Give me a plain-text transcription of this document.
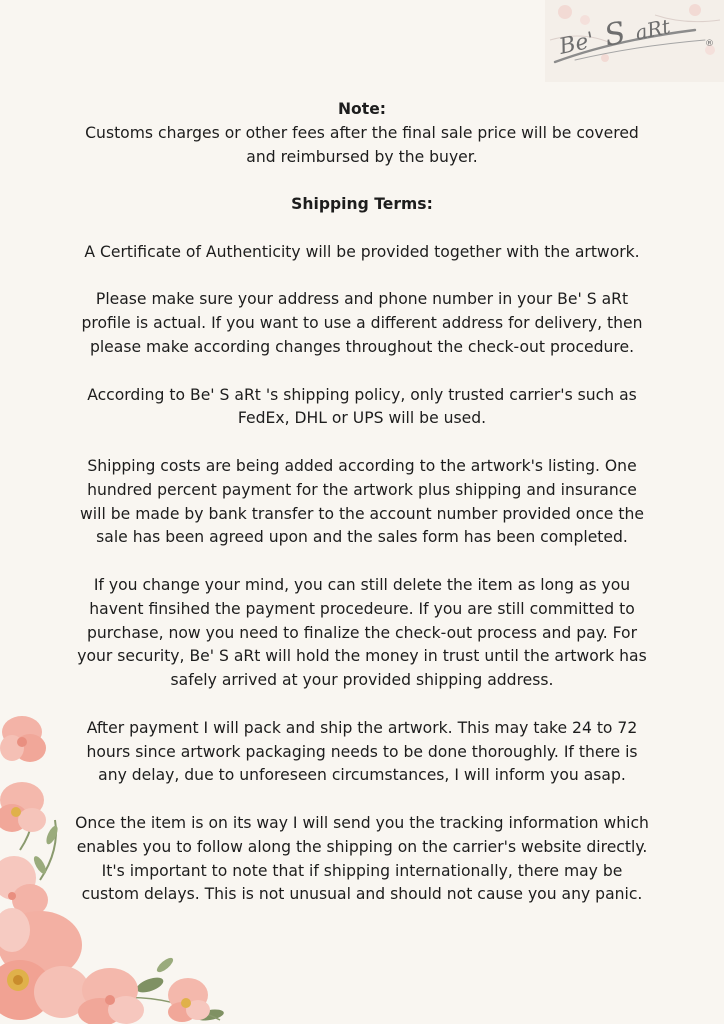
Be' S aRt	®

Note:

Customs charges or other fees after the final sale price will be covered
and reimbursed by the buyer.

Shipping Terms:

A Certificate of Authenticity will be provided together with the artwork.

Please make sure your address and phone number in your Be' S aRt
profile is actual. If you want to use a different address for delivery, then
please make according changes throughout the check-out procedure.

According to Be' S aRt 's shipping policy, only trusted carrier's such as
FedEx, DHL or UPS will be used.

Shipping costs are being added according to the artwork's listing. One
hundred percent payment for the artwork plus shipping and insurance
will be made by bank transfer to the account number provided once the
sale has been agreed upon and the sales form has been completed.

If you change your mind, you can still delete the item as long as you
havent finsihed the payment procedeure. If you are still committed to
purchase, now you need to finalize the check-out process and pay. For
your security, Be' S aRt will hold the money in trust until the artwork has
safely arrived at your provided shipping address.

After payment I will pack and ship the artwork. This may take 24 to 72
hours since artwork packaging needs to be done thoroughly. If there is
any delay, due to unforeseen circumstances, I will inform you asap.

Once the item is on its way I will send you the tracking information which
enables you to follow along the shipping on the carrier's website directly.
It's important to note that if shipping internationally, there may be
custom delays. This is not unusual and should not cause you any panic.
